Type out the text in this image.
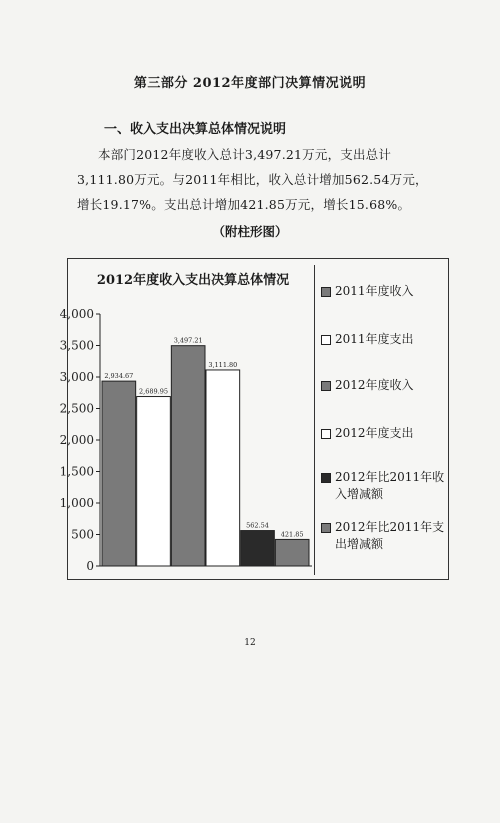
第三部分 2012年度部门决算情况说明
一、收入支出决算总体情况说明
本部门2012年度收入总计3,497.21万元，支出总计
3,111.80万元。与2011年相比，收入总计增加562.54万元，
增长19.17%。支出总计增加421.85万元，增长15.68%。
（附柱形图）
2012年度收入支出决算总体情况
0
500
1,000
1,500
2,000
2,500
3,000
3,500
4,000
2,934.67
2,689.95
3,497.21
3,111.80
562.54
421.85
2011年度收入
2011年度支出
2012年度收入
2012年度支出
2012年比2011年收入增减额
2012年比2011年支出增减额
12
